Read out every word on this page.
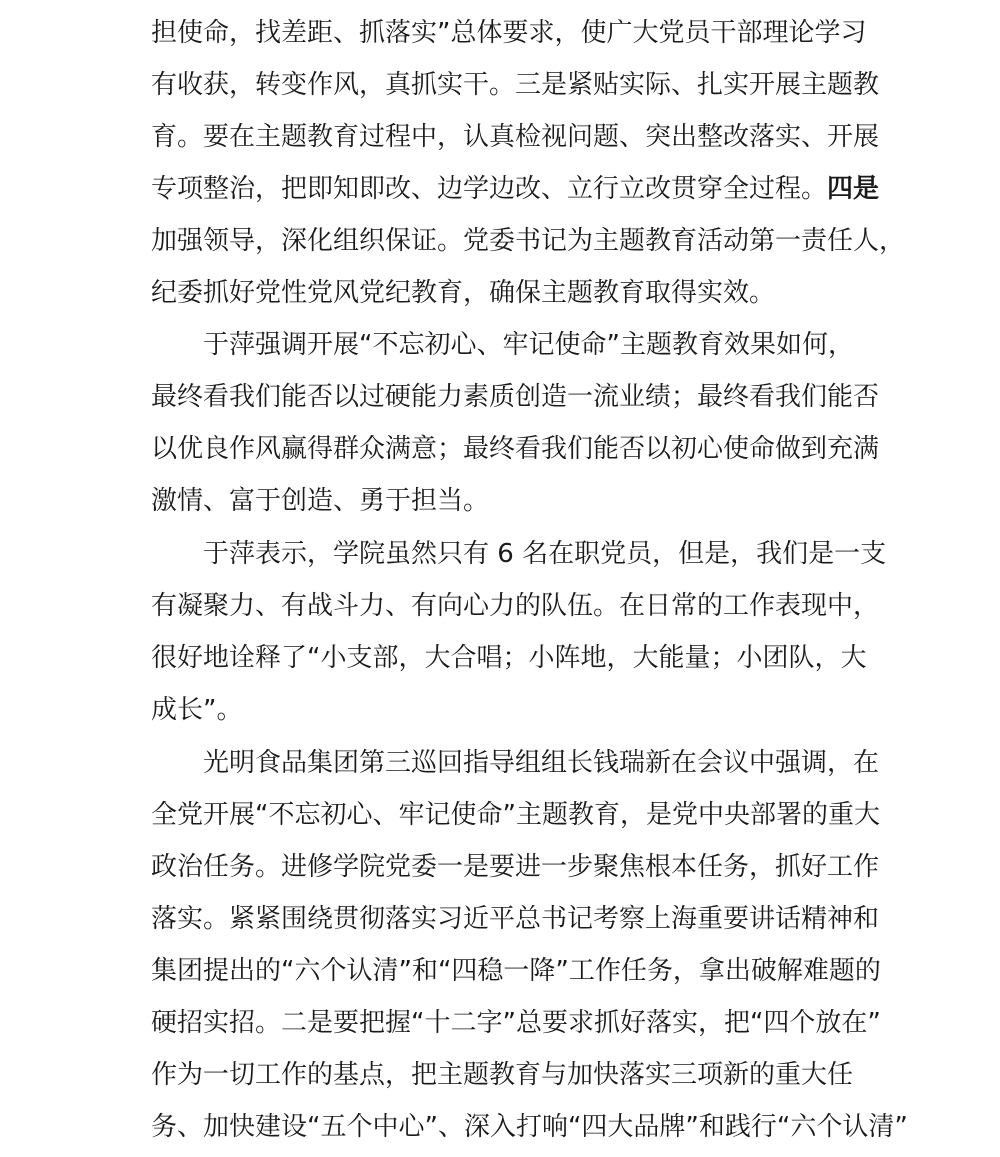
担使命，找差距、抓落实”总体要求，使广大党员干部理论学习
有收获，转变作风，真抓实干。三是紧贴实际、扎实开展主题教
育。要在主题教育过程中，认真检视问题、突出整改落实、开展
专项整治，把即知即改、边学边改、立行立改贯穿全过程。四是
加强领导，深化组织保证。党委书记为主题教育活动第一责任人，
纪委抓好党性党风党纪教育，确保主题教育取得实效。
于萍强调开展“不忘初心、牢记使命”主题教育效果如何，
最终看我们能否以过硬能力素质创造一流业绩；最终看我们能否
以优良作风赢得群众满意；最终看我们能否以初心使命做到充满
激情、富于创造、勇于担当。
于萍表示，学院虽然只有 6 名在职党员，但是，我们是一支
有凝聚力、有战斗力、有向心力的队伍。在日常的工作表现中，
很好地诠释了“小支部，大合唱；小阵地，大能量；小团队，大
成长”。
光明食品集团第三巡回指导组组长钱瑞新在会议中强调，在
全党开展“不忘初心、牢记使命”主题教育，是党中央部署的重大
政治任务。进修学院党委一是要进一步聚焦根本任务，抓好工作
落实。紧紧围绕贯彻落实习近平总书记考察上海重要讲话精神和
集团提出的“六个认清”和“四稳一降”工作任务，拿出破解难题的
硬招实招。二是要把握“十二字”总要求抓好落实，把“四个放在”
作为一切工作的基点，把主题教育与加快落实三项新的重大任
务、加快建设“五个中心”、深入打响“四大品牌”和践行“六个认清”
